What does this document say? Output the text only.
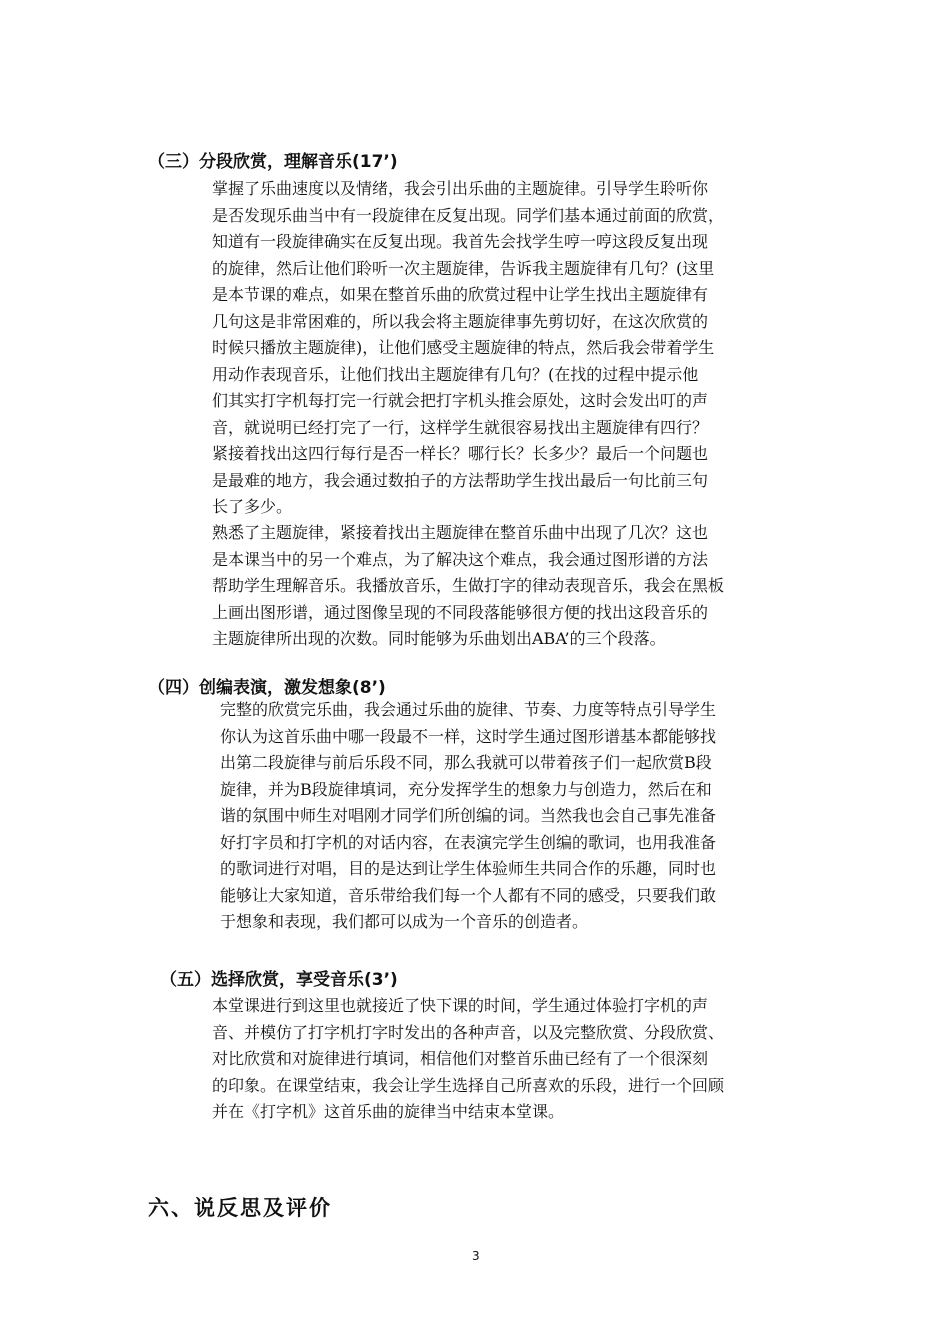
（三）分段欣赏，理解音乐(17’)
掌握了乐曲速度以及情绪，我会引出乐曲的主题旋律。引导学生聆听你
是否发现乐曲当中有一段旋律在反复出现。同学们基本通过前面的欣赏，
知道有一段旋律确实在反复出现。我首先会找学生哼一哼这段反复出现
的旋律，然后让他们聆听一次主题旋律，告诉我主题旋律有几句？(这里
是本节课的难点，如果在整首乐曲的欣赏过程中让学生找出主题旋律有
几句这是非常困难的，所以我会将主题旋律事先剪切好，在这次欣赏的
时候只播放主题旋律)，让他们感受主题旋律的特点，然后我会带着学生
用动作表现音乐，让他们找出主题旋律有几句？(在找的过程中提示他
们其实打字机每打完一行就会把打字机头推会原处，这时会发出叮的声
音，就说明已经打完了一行，这样学生就很容易找出主题旋律有四行？
紧接着找出这四行每行是否一样长？哪行长？长多少？最后一个问题也
是最难的地方，我会通过数拍子的方法帮助学生找出最后一句比前三句
长了多少。
熟悉了主题旋律，紧接着找出主题旋律在整首乐曲中出现了几次？这也
是本课当中的另一个难点，为了解决这个难点，我会通过图形谱的方法
帮助学生理解音乐。我播放音乐，生做打字的律动表现音乐，我会在黑板
上画出图形谱，通过图像呈现的不同段落能够很方便的找出这段音乐的
主题旋律所出现的次数。同时能够为乐曲划出ABA’的三个段落。
（四）创编表演，激发想象(8’)
完整的欣赏完乐曲，我会通过乐曲的旋律、节奏、力度等特点引导学生
你认为这首乐曲中哪一段最不一样，这时学生通过图形谱基本都能够找
出第二段旋律与前后乐段不同，那么我就可以带着孩子们一起欣赏B段
旋律，并为B段旋律填词，充分发挥学生的想象力与创造力，然后在和
谐的氛围中师生对唱刚才同学们所创编的词。当然我也会自己事先准备
好打字员和打字机的对话内容，在表演完学生创编的歌词，也用我准备
的歌词进行对唱，目的是达到让学生体验师生共同合作的乐趣，同时也
能够让大家知道，音乐带给我们每一个人都有不同的感受，只要我们敢
于想象和表现，我们都可以成为一个音乐的创造者。
（五）选择欣赏，享受音乐(3’)
本堂课进行到这里也就接近了快下课的时间，学生通过体验打字机的声
音、并模仿了打字机打字时发出的各种声音，以及完整欣赏、分段欣赏、
对比欣赏和对旋律进行填词，相信他们对整首乐曲已经有了一个很深刻
的印象。在课堂结束，我会让学生选择自己所喜欢的乐段，进行一个回顾
并在《打字机》这首乐曲的旋律当中结束本堂课。
六、说反思及评价
3
